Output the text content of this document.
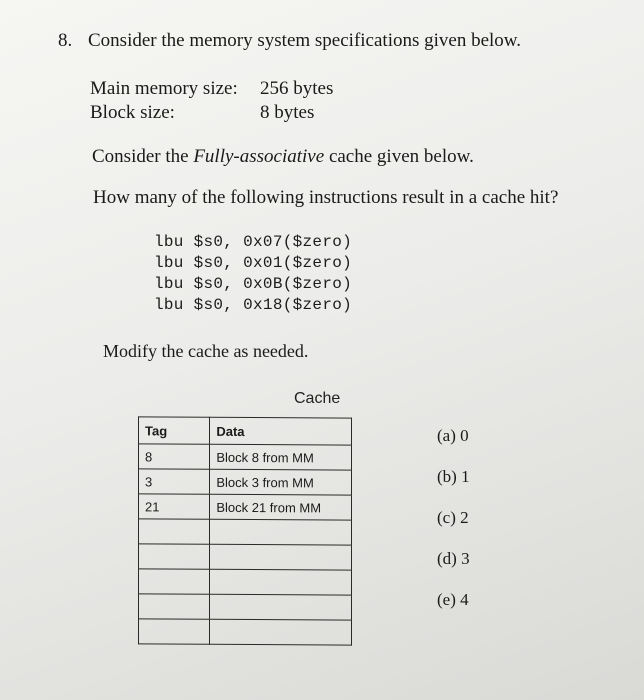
8. Consider the memory system specifications given below.
Main memory size: 256 bytes
Block size:	8 bytes
Consider the Fully-associative cache given below.
How many of the following instructions result in a cache hit?
lbu $s0, 0x07($zero)
lbu $s0, 0x01($zero)
lbu $s0, 0x0B($zero)
lbu $s0, 0x18($zero)
Modify the cache as needed.
Cache
Tag	Data
8	Block 8 from MM
3	Block 3 from MM
21	Block 21 from MM

(a) 0
(b) 1
(c) 2
(d) 3
(e) 4
